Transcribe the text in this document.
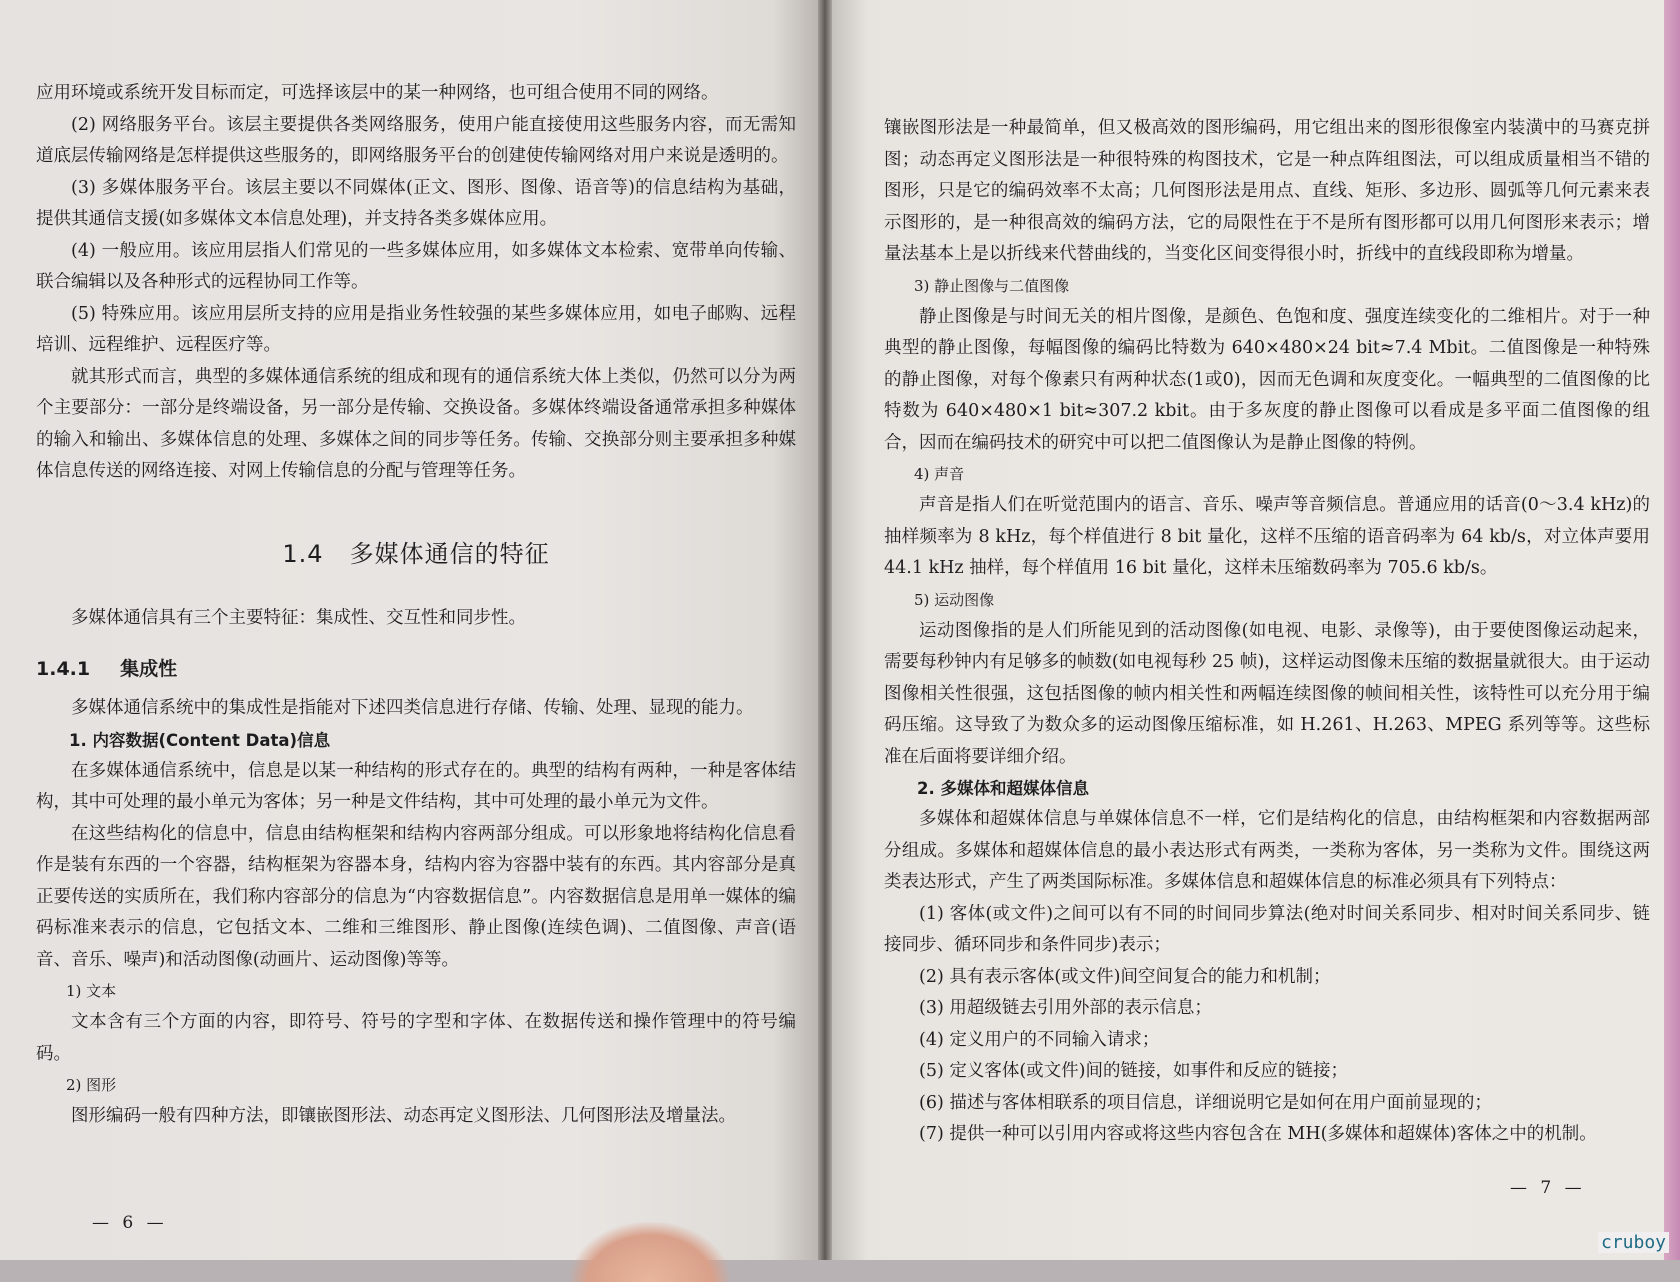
应用环境或系统开发目标而定，可选择该层中的某一种网络，也可组合使用不同的网络。

(2) 网络服务平台。该层主要提供各类网络服务，使用户能直接使用这些服务内容，而无需知道底层传输网络是怎样提供这些服务的，即网络服务平台的创建使传输网络对用户来说是透明的。

(3) 多媒体服务平台。该层主要以不同媒体(正文、图形、图像、语音等)的信息结构为基础，提供其通信支援(如多媒体文本信息处理)，并支持各类多媒体应用。

(4) 一般应用。该应用层指人们常见的一些多媒体应用，如多媒体文本检索、宽带单向传输、联合编辑以及各种形式的远程协同工作等。

(5) 特殊应用。该应用层所支持的应用是指业务性较强的某些多媒体应用，如电子邮购、远程培训、远程维护、远程医疗等。

就其形式而言，典型的多媒体通信系统的组成和现有的通信系统大体上类似，仍然可以分为两个主要部分：一部分是终端设备，另一部分是传输、交换设备。多媒体终端设备通常承担多种媒体的输入和输出、多媒体信息的处理、多媒体之间的同步等任务。传输、交换部分则主要承担多种媒体信息传送的网络连接、对网上传输信息的分配与管理等任务。

1.4 多媒体通信的特征

多媒体通信具有三个主要特征：集成性、交互性和同步性。

1.4.1 集成性

多媒体通信系统中的集成性是指能对下述四类信息进行存储、传输、处理、显现的能力。

1. 内容数据(Content Data)信息

在多媒体通信系统中，信息是以某一种结构的形式存在的。典型的结构有两种，一种是客体结构，其中可处理的最小单元为客体；另一种是文件结构，其中可处理的最小单元为文件。

在这些结构化的信息中，信息由结构框架和结构内容两部分组成。可以形象地将结构化信息看作是装有东西的一个容器，结构框架为容器本身，结构内容为容器中装有的东西。其内容部分是真正要传送的实质所在，我们称内容部分的信息为“内容数据信息”。内容数据信息是用单一媒体的编码标准来表示的信息，它包括文本、二维和三维图形、静止图像(连续色调)、二值图像、声音(语音、音乐、噪声)和活动图像(动画片、运动图像)等等。

1) 文本

文本含有三个方面的内容，即符号、符号的字型和字体、在数据传送和操作管理中的符号编码。

2) 图形

图形编码一般有四种方法，即镶嵌图形法、动态再定义图形法、几何图形法及增量法。

镶嵌图形法是一种最简单，但又极高效的图形编码，用它组出来的图形很像室内装潢中的马赛克拼图；动态再定义图形法是一种很特殊的构图技术，它是一种点阵组图法，可以组成质量相当不错的图形，只是它的编码效率不太高；几何图形法是用点、直线、矩形、多边形、圆弧等几何元素来表示图形的，是一种很高效的编码方法，它的局限性在于不是所有图形都可以用几何图形来表示；增量法基本上是以折线来代替曲线的，当变化区间变得很小时，折线中的直线段即称为增量。

3) 静止图像与二值图像

静止图像是与时间无关的相片图像，是颜色、色饱和度、强度连续变化的二维相片。对于一种典型的静止图像，每幅图像的编码比特数为 640×480×24 bit≈7.4 Mbit。二值图像是一种特殊的静止图像，对每个像素只有两种状态(1或0)，因而无色调和灰度变化。一幅典型的二值图像的比特数为 640×480×1 bit≈307.2 kbit。由于多灰度的静止图像可以看成是多平面二值图像的组合，因而在编码技术的研究中可以把二值图像认为是静止图像的特例。

4) 声音

声音是指人们在听觉范围内的语言、音乐、噪声等音频信息。普通应用的话音(0～3.4 kHz)的抽样频率为 8 kHz，每个样值进行 8 bit 量化，这样不压缩的语音码率为 64 kb/s，对立体声要用 44.1 kHz 抽样，每个样值用 16 bit 量化，这样未压缩数码率为 705.6 kb/s。

5) 运动图像

运动图像指的是人们所能见到的活动图像(如电视、电影、录像等)，由于要使图像运动起来，需要每秒钟内有足够多的帧数(如电视每秒 25 帧)，这样运动图像未压缩的数据量就很大。由于运动图像相关性很强，这包括图像的帧内相关性和两幅连续图像的帧间相关性，该特性可以充分用于编码压缩。这导致了为数众多的运动图像压缩标准，如 H.261、H.263、MPEG 系列等等。这些标准在后面将要详细介绍。

2. 多媒体和超媒体信息

多媒体和超媒体信息与单媒体信息不一样，它们是结构化的信息，由结构框架和内容数据两部分组成。多媒体和超媒体信息的最小表达形式有两类，一类称为客体，另一类称为文件。围绕这两类表达形式，产生了两类国际标准。多媒体信息和超媒体信息的标准必须具有下列特点：

(1) 客体(或文件)之间可以有不同的时间同步算法(绝对时间关系同步、相对时间关系同步、链接同步、循环同步和条件同步)表示；

(2) 具有表示客体(或文件)间空间复合的能力和机制；

(3) 用超级链去引用外部的表示信息；

(4) 定义用户的不同输入请求；

(5) 定义客体(或文件)间的链接，如事件和反应的链接；

(6) 描述与客体相联系的项目信息，详细说明它是如何在用户面前显现的；

(7) 提供一种可以引用内容或将这些内容包含在 MH(多媒体和超媒体)客体之中的机制。

— 6 —
— 7 —
cruboy
